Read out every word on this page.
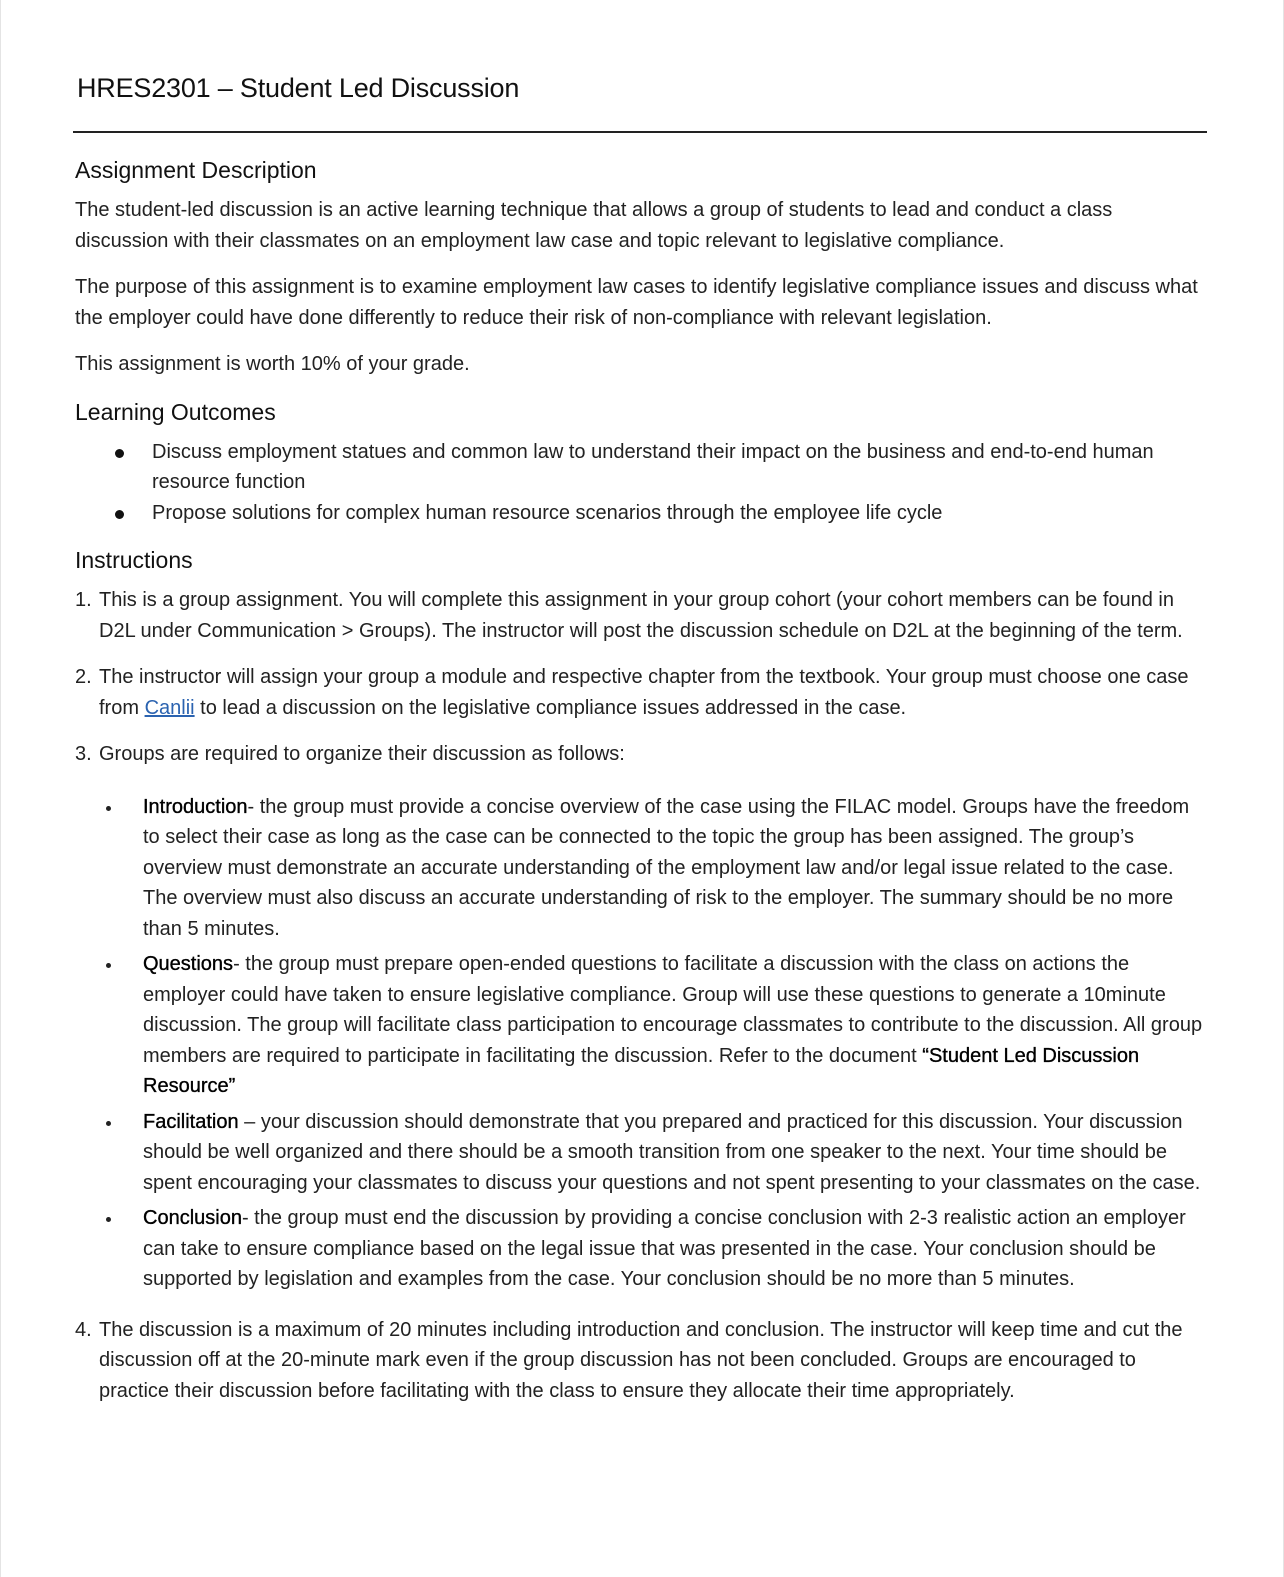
HRES2301 – Student Led Discussion
Assignment Description

The student-led discussion is an active learning technique that allows a group of students to lead and conduct a class discussion with their classmates on an employment law case and topic relevant to legislative compliance.

The purpose of this assignment is to examine employment law cases to identify legislative compliance issues and discuss what the employer could have done differently to reduce their risk of non-compliance with relevant legislation.

This assignment is worth 10% of your grade.

Learning Outcomes
Discuss employment statues and common law to understand their impact on the business and end-to-end human resource function
Propose solutions for complex human resource scenarios through the employee life cycle
Instructions
1. This is a group assignment. You will complete this assignment in your group cohort (your cohort members can be found in D2L under Communication > Groups). The instructor will post the discussion schedule on D2L at the beginning of the term.
2. The instructor will assign your group a module and respective chapter from the textbook. Your group must choose one case from Canlii to lead a discussion on the legislative compliance issues addressed in the case.
3. Groups are required to organize their discussion as follows:
Introduction- the group must provide a concise overview of the case using the FILAC model. Groups have the freedom to select their case as long as the case can be connected to the topic the group has been assigned. The group’s overview must demonstrate an accurate understanding of the employment law and/or legal issue related to the case. The overview must also discuss an accurate understanding of risk to the employer. The summary should be no more than 5 minutes.
Questions- the group must prepare open-ended questions to facilitate a discussion with the class on actions the employer could have taken to ensure legislative compliance. Group will use these questions to generate a 10minute discussion. The group will facilitate class participation to encourage classmates to contribute to the discussion. All group members are required to participate in facilitating the discussion. Refer to the document “Student Led Discussion Resource”
Facilitation – your discussion should demonstrate that you prepared and practiced for this discussion. Your discussion should be well organized and there should be a smooth transition from one speaker to the next. Your time should be spent encouraging your classmates to discuss your questions and not spent presenting to your classmates on the case.
Conclusion- the group must end the discussion by providing a concise conclusion with 2-3 realistic action an employer can take to ensure compliance based on the legal issue that was presented in the case. Your conclusion should be supported by legislation and examples from the case. Your conclusion should be no more than 5 minutes.
4. The discussion is a maximum of 20 minutes including introduction and conclusion. The instructor will keep time and cut the discussion off at the 20-minute mark even if the group discussion has not been concluded. Groups are encouraged to practice their discussion before facilitating with the class to ensure they allocate their time appropriately.
